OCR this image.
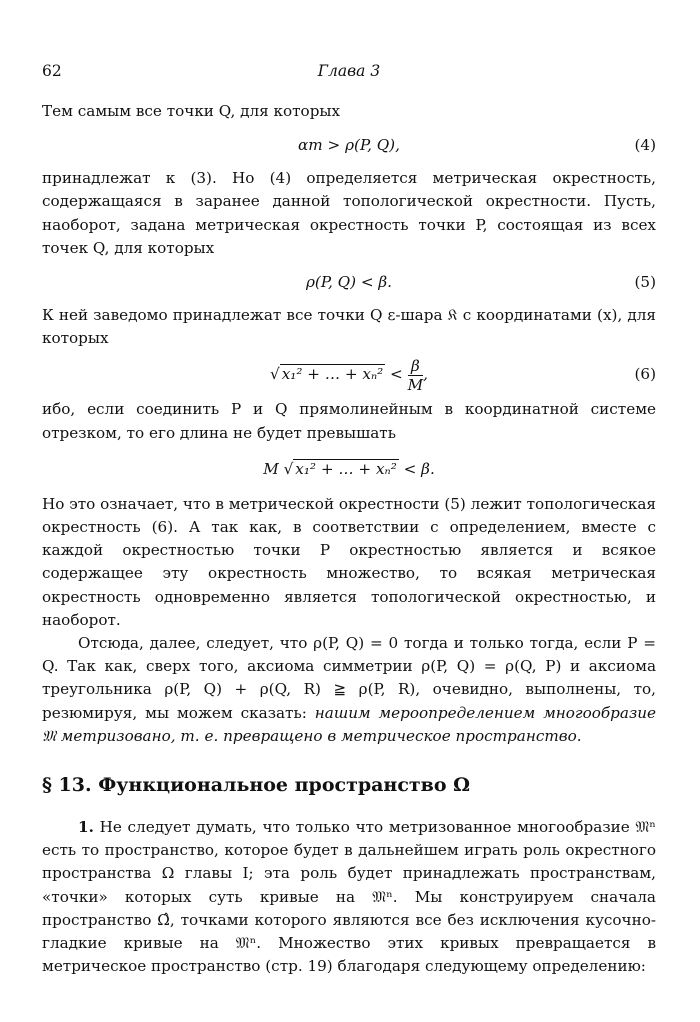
62	Глава 3

Тем самым все точки Q, для которых

αm > ρ(P, Q),	(4)

принадлежат к (3). Но (4) определяется метрическая окрестность, содержащаяся в заранее данной топологической окрестности. Пусть, наоборот, задана метрическая окрестность точки P, состоящая из всех точек Q, для которых

ρ(P, Q) < β.	(5)

К ней заведомо принадлежат все точки Q ε-шара 𝔎 с координатами (x), для которых

√ x₁² + … + $x_n^2 < \frac{\beta}{M}$ ,	(6)

ибо, если соединить P и Q прямолинейным в координатной системе отрезком, то его длина не будет превышать

M √ x₁² + … + xₙ² < β.

Но это означает, что в метрической окрестности (5) лежит топологическая окрестность (6). А так как, в соответствии с определением, вместе с каждой окрестностью точки P окрестностью является и всякое содержащее эту окрестность множество, то всякая метрическая окрестность одновременно является топологической окрестностью, и наоборот.

Отсюда, далее, следует, что ρ(P, Q) = 0 тогда и только тогда, если P = Q. Так как, сверх того, аксиома симметрии ρ(P, Q) = ρ(Q, P) и аксиома треугольника ρ(P, Q) + ρ(Q, R) ≧ ρ(P, R), очевидно, выполнены, то, резюмируя, мы можем сказать: нашим мероопределением многообразие 𝔐 метризовано, т. е. превращено в метрическое пространство.

§ 13. Функциональное пространство Ω

1. Не следует думать, что только что метризованное многообразие 𝔐ⁿ есть то пространство, которое будет в дальнейшем играть роль окрестного пространства Ω главы I; эта роль будет принадлежать пространствам, «точки» которых суть кривые на 𝔐ⁿ. Мы конструируем сначала пространство Ω̂, точками которого являются все без исключения кусочно-гладкие кривые на 𝔐ⁿ. Множество этих кривых превращается в метрическое пространство (стр. 19) благодаря следующему определению:
